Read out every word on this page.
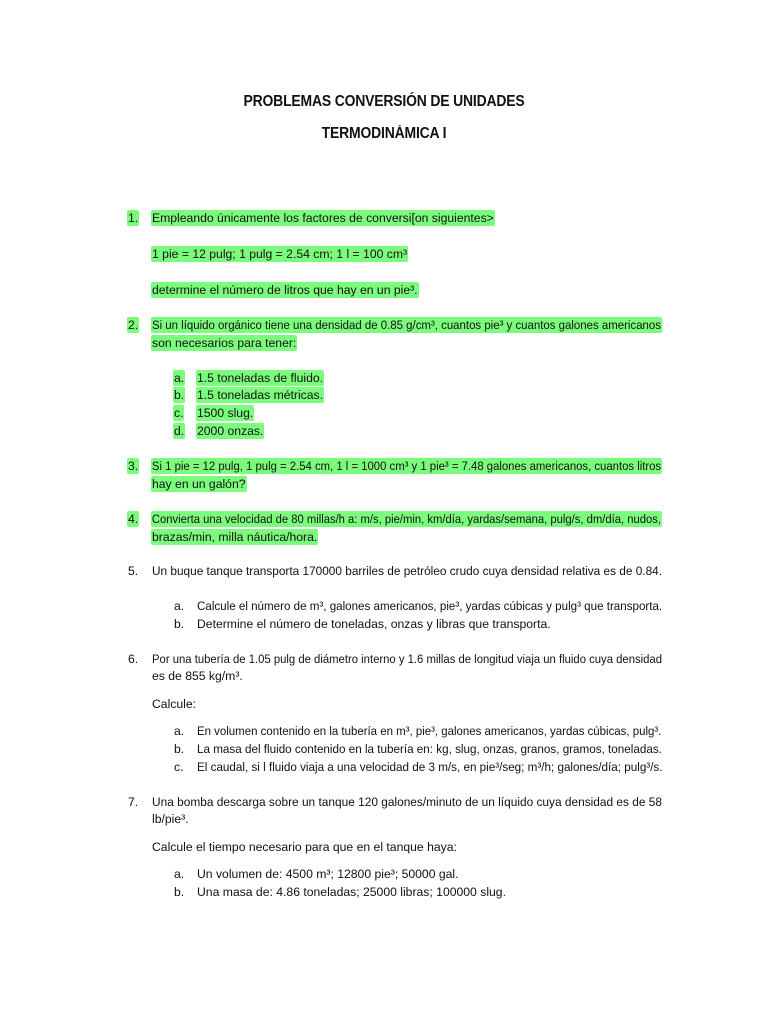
PROBLEMAS CONVERSIÓN DE UNIDADES
TERMODINÁMICA I
1. Empleando únicamente los factores de conversi[on siguientes>
1 pie = 12 pulg; 1 pulg = 2.54 cm; 1 l = 100 cm³
determine el número de litros que hay en un pie³.
2. Si un líquido orgánico tiene una densidad de 0.85 g/cm³, cuantos pie³ y cuantos galones americanos
son necesarios para tener:
a. 1.5 toneladas de fluido.
b. 1.5 toneladas métricas.
c. 1500 slug.
d. 2000 onzas.
3. Si 1 pie = 12 pulg, 1 pulg = 2.54 cm, 1 l = 1000 cm³ y 1 pie³ = 7.48 galones americanos, cuantos litros
hay en un galón?
4. Convierta una velocidad de 80 millas/h a: m/s, pie/min, km/día, yardas/semana, pulg/s, dm/día, nudos,
brazas/min, milla náutica/hora.
5. Un buque tanque transporta 170000 barriles de petróleo crudo cuya densidad relativa es de 0.84.
a. Calcule el número de m³, galones americanos, pie³, yardas cúbicas y pulg³ que transporta.
b. Determine el número de toneladas, onzas y libras que transporta.
6. Por una tubería de 1.05 pulg de diámetro interno y 1.6 millas de longitud viaja un fluido cuya densidad
es de 855 kg/m³.
Calcule:
a. En volumen contenido en la tubería en m³, pie³, galones americanos, yardas cúbicas, pulg³.
b. La masa del fluido contenido en la tubería en: kg, slug, onzas, granos, gramos, toneladas.
c. El caudal, si l fluido viaja a una velocidad de 3 m/s, en pie³/seg; m³/h; galones/día; pulg³/s.
7. Una bomba descarga sobre un tanque 120 galones/minuto de un líquido cuya densidad es de 58
lb/pie³.
Calcule el tiempo necesario para que en el tanque haya:
a. Un volumen de: 4500 m³; 12800 pie³; 50000 gal.
b. Una masa de: 4.86 toneladas; 25000 libras; 100000 slug.
